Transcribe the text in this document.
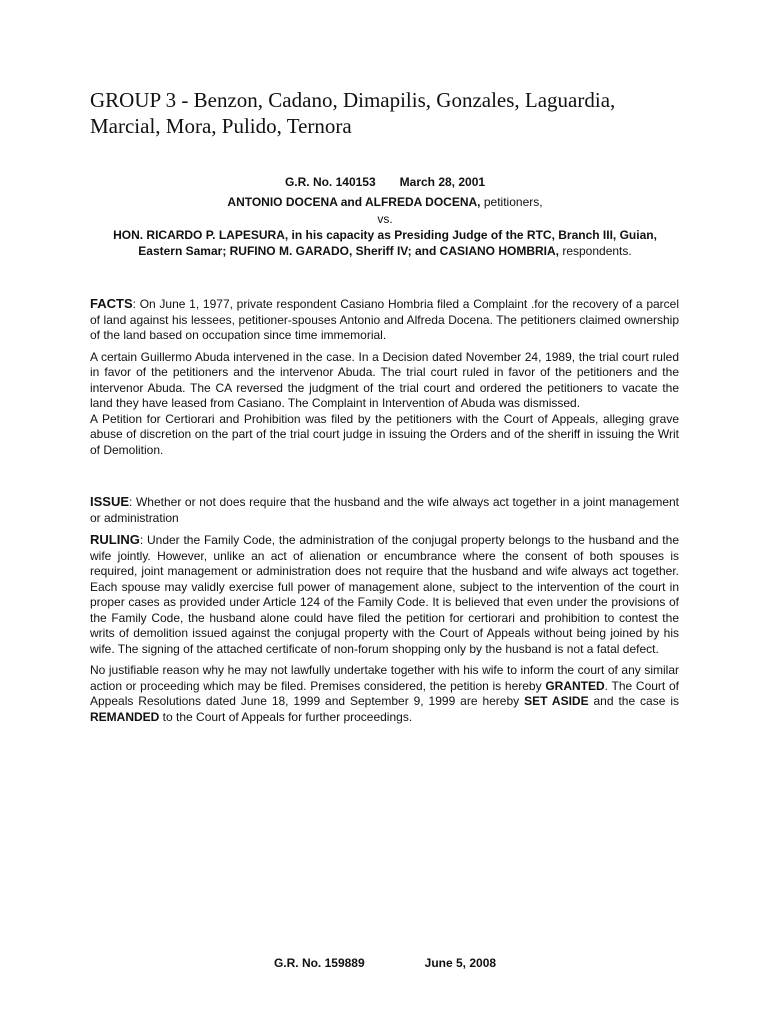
GROUP 3 - Benzon, Cadano, Dimapilis, Gonzales, Laguardia, Marcial, Mora, Pulido, Ternora
G.R. No. 140153 March 28, 2001
ANTONIO DOCENA and ALFREDA DOCENA, petitioners,
vs.
HON. RICARDO P. LAPESURA, in his capacity as Presiding Judge of the RTC, Branch III, Guian, Eastern Samar; RUFINO M. GARADO, Sheriff IV; and CASIANO HOMBRIA, respondents.

FACTS: On June 1, 1977, private respondent Casiano Hombria filed a Complaint .for the recovery of a parcel of land against his lessees, petitioner-spouses Antonio and Alfreda Docena. The petitioners claimed ownership of the land based on occupation since time immemorial.

A certain Guillermo Abuda intervened in the case. In a Decision dated November 24, 1989, the trial court ruled in favor of the petitioners and the intervenor Abuda. The trial court ruled in favor of the petitioners and the intervenor Abuda. The CA reversed the judgment of the trial court and ordered the petitioners to vacate the land they have leased from Casiano. The Complaint in Intervention of Abuda was dismissed.

A Petition for Certiorari and Prohibition was filed by the petitioners with the Court of Appeals, alleging grave abuse of discretion on the part of the trial court judge in issuing the Orders and of the sheriff in issuing the Writ of Demolition.

ISSUE: Whether or not does require that the husband and the wife always act together in a joint management or administration

RULING: Under the Family Code, the administration of the conjugal property belongs to the husband and the wife jointly. However, unlike an act of alienation or encumbrance where the consent of both spouses is required, joint management or administration does not require that the husband and wife always act together. Each spouse may validly exercise full power of management alone, subject to the intervention of the court in proper cases as provided under Article 124 of the Family Code. It is believed that even under the provisions of the Family Code, the husband alone could have filed the petition for certiorari and prohibition to contest the writs of demolition issued against the conjugal property with the Court of Appeals without being joined by his wife. The signing of the attached certificate of non-forum shopping only by the husband is not a fatal defect.

No justifiable reason why he may not lawfully undertake together with his wife to inform the court of any similar action or proceeding which may be filed. Premises considered, the petition is hereby GRANTED. The Court of Appeals Resolutions dated June 18, 1999 and September 9, 1999 are hereby SET ASIDE and the case is REMANDED to the Court of Appeals for further proceedings.

G.R. No. 159889	June 5, 2008
